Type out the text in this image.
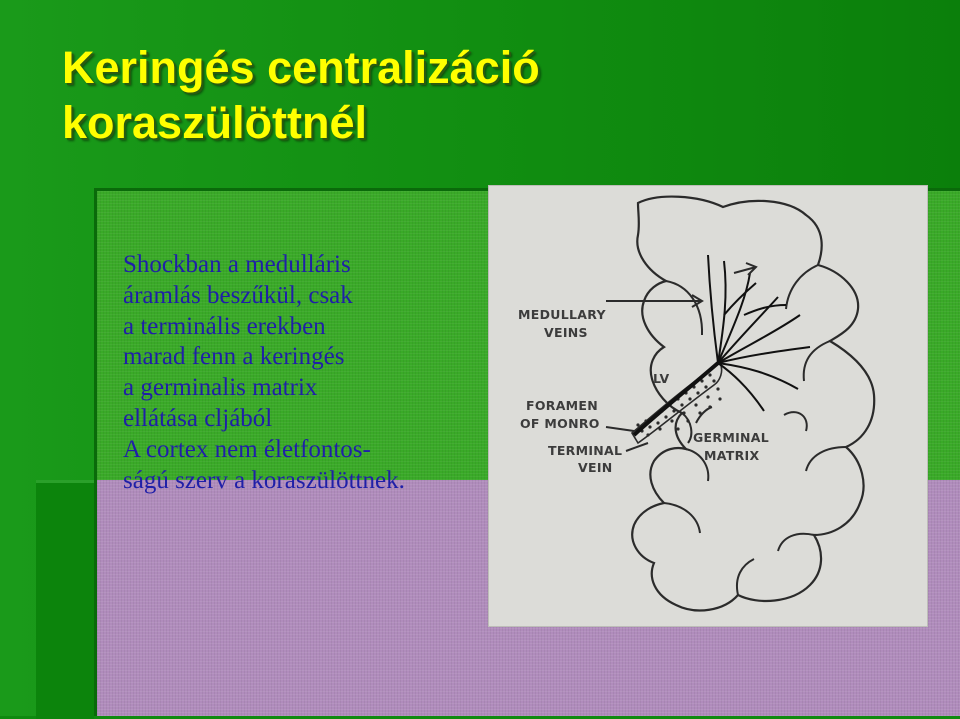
Keringés centralizáció
koraszülöttnél
Shockban a medulláris
áramlás beszűkül, csak
a terminális erekben
marad fenn a keringés
a germinalis matrix
ellátása cljából
A cortex nem életfontos-
ságú szerv a koraszülöttnek.
MEDULLARY
VEINS
LV
FORAMEN
OF MONRO
TERMINAL
VEIN
GERMINAL
MATRIX
